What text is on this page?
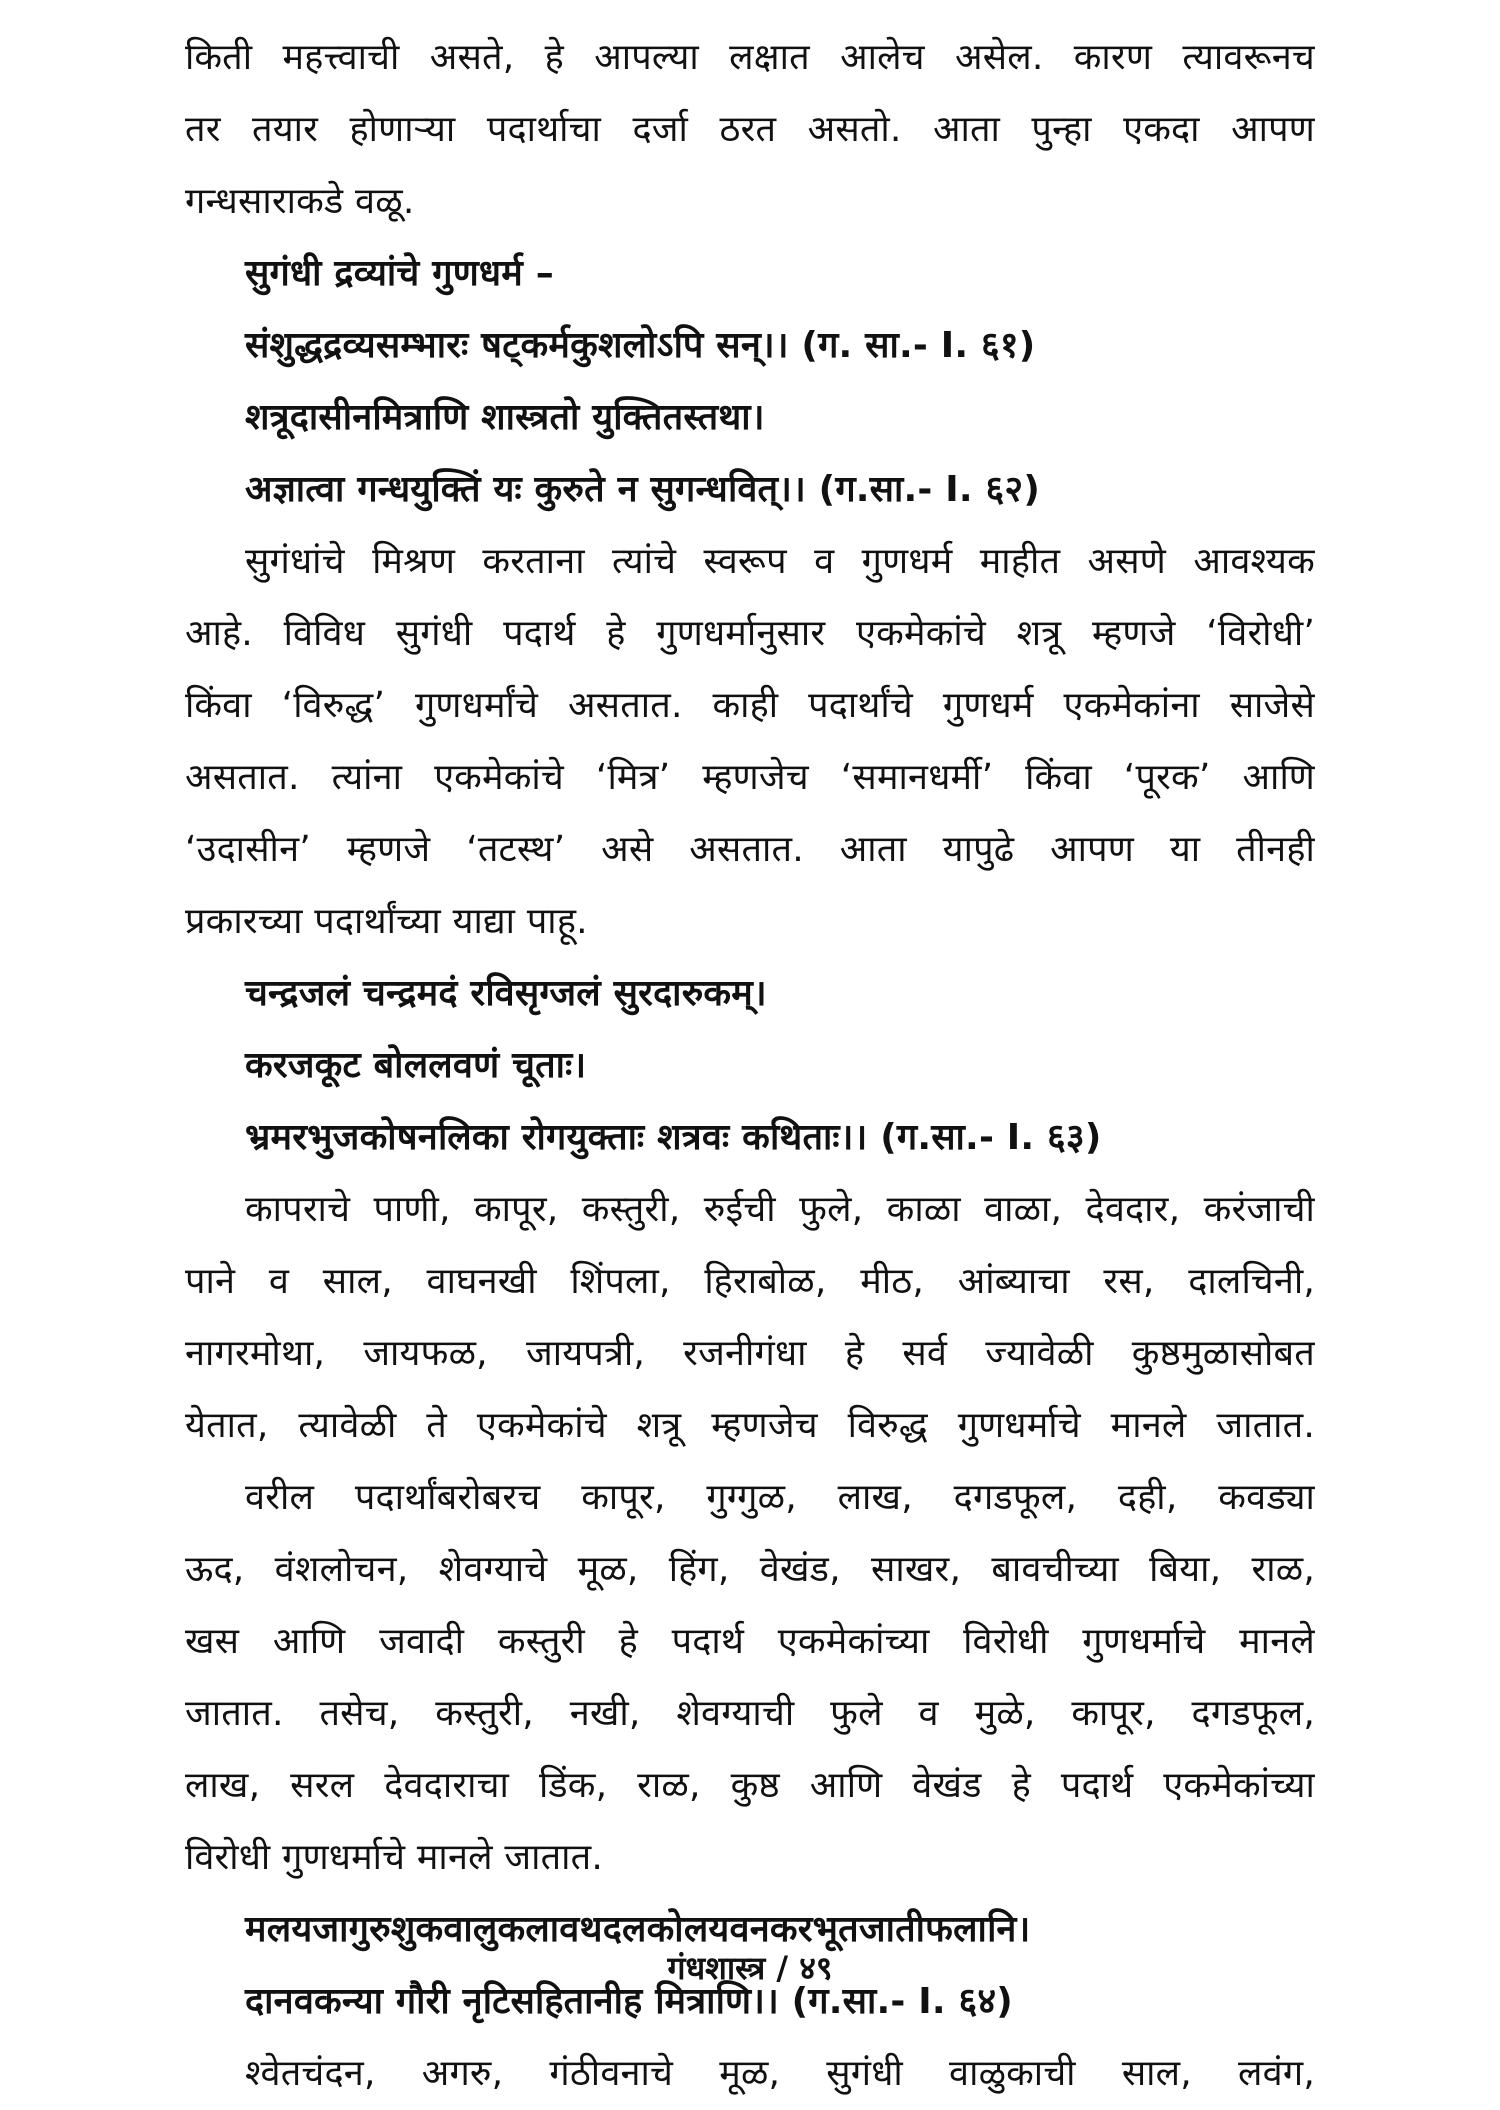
किती महत्त्वाची असते, हे आपल्या लक्षात आलेच असेल. कारण त्यावरूनच
तर तयार होणाऱ्या पदार्थाचा दर्जा ठरत असतो. आता पुन्हा एकदा आपण
गन्धसाराकडे वळू.
सुगंधी द्रव्यांचे गुणधर्म –
संशुद्धद्रव्यसम्भारः षट्कर्मकुशलोऽपि सन्।। (ग. सा.- I. ६१)
शत्रूदासीनमित्राणि शास्त्रतो युक्तितस्तथा।
अज्ञात्वा गन्धयुक्तिं यः कुरुते न सुगन्धवित्।। (ग.सा.- I. ६२)
सुगंधांचे मिश्रण करताना त्यांचे स्वरूप व गुणधर्म माहीत असणे आवश्यक
आहे. विविध सुगंधी पदार्थ हे गुणधर्मानुसार एकमेकांचे शत्रू म्हणजे ‘विरोधी’
किंवा ‘विरुद्ध’ गुणधर्मांचे असतात. काही पदार्थांचे गुणधर्म एकमेकांना साजेसे
असतात. त्यांना एकमेकांचे ‘मित्र’ म्हणजेच ‘समानधर्मी’ किंवा ‘पूरक’ आणि
‘उदासीन’ म्हणजे ‘तटस्थ’ असे असतात. आता यापुढे आपण या तीनही
प्रकारच्या पदार्थांच्या याद्या पाहू.
चन्द्रजलं चन्द्रमदं रविसृग्जलं सुरदारुकम्।
करजकूट बोललवणं चूताः।
भ्रमरभुजकोषनलिका रोगयुक्ताः शत्रवः कथिताः।। (ग.सा.- I. ६३)
कापराचे पाणी, कापूर, कस्तुरी, रुईची फुले, काळा वाळा, देवदार, करंजाची
पाने व साल, वाघनखी शिंपला, हिराबोळ, मीठ, आंब्याचा रस, दालचिनी,
नागरमोथा, जायफळ, जायपत्री, रजनीगंधा हे सर्व ज्यावेळी कुष्ठमुळासोबत
येतात, त्यावेळी ते एकमेकांचे शत्रू म्हणजेच विरुद्ध गुणधर्माचे मानले जातात.
वरील पदार्थांबरोबरच कापूर, गुग्गुळ, लाख, दगडफूल, दही, कवड्या
ऊद, वंशलोचन, शेवग्याचे मूळ, हिंग, वेखंड, साखर, बावचीच्या बिया, राळ,
खस आणि जवादी कस्तुरी हे पदार्थ एकमेकांच्या विरोधी गुणधर्माचे मानले
जातात. तसेच, कस्तुरी, नखी, शेवग्याची फुले व मुळे, कापूर, दगडफूल,
लाख, सरल देवदाराचा डिंक, राळ, कुष्ठ आणि वेखंड हे पदार्थ एकमेकांच्या
विरोधी गुणधर्माचे मानले जातात.
मलयजागुरुशुकवालुकलावथदलकोलयवनकरभूतजातीफलानि।
दानवकन्या गौरी नृटिसहितानीह मित्राणि।। (ग.सा.- I. ६४)
श्वेतचंदन, अगरु, गंठीवनाचे मूळ, सुगंधी वाळुकाची साल, लवंग,
गंधशास्त्र / ४९
